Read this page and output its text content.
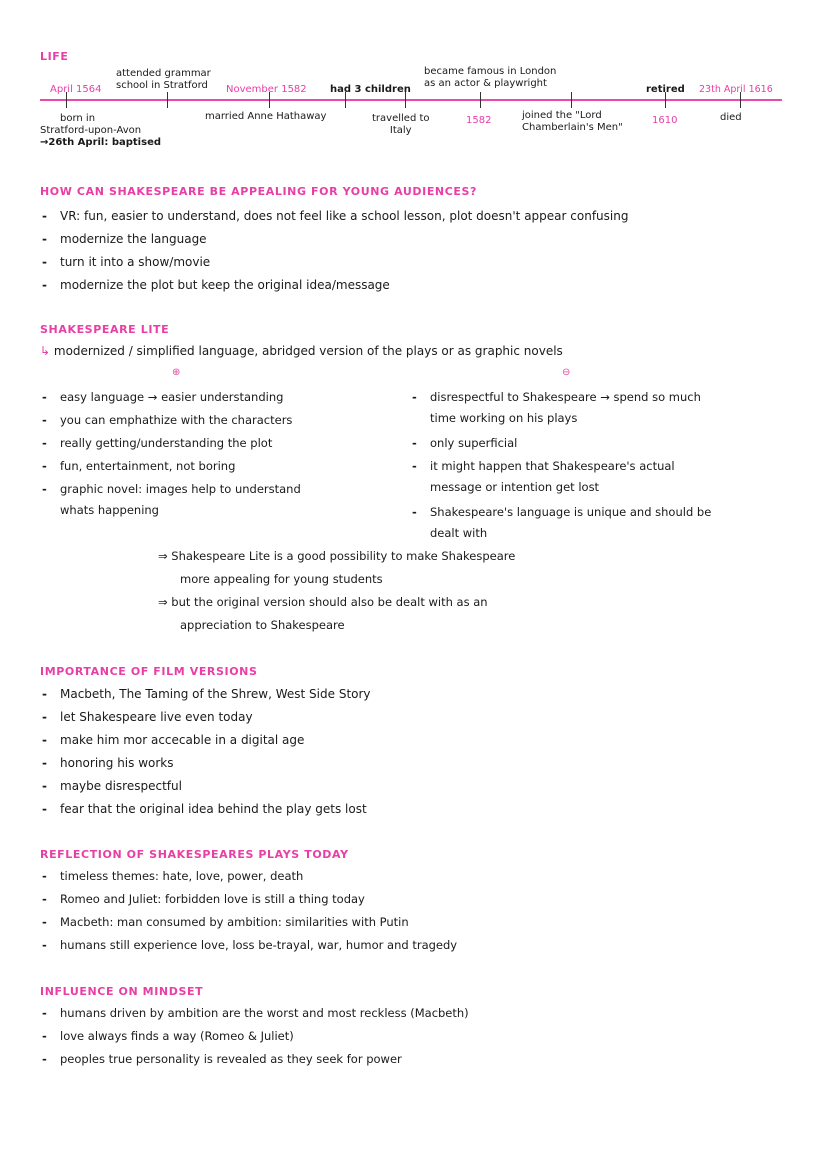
LIFE
April 1564
born in
Stratford-upon-Avon
→26th April: baptised
attended grammar
school in Stratford November 1582
married Anne Hathaway
had 3 children
travelled to
Italy
became famous in London
as an actor & playwright
1582	joined the "Lord
Chamberlain's Men"
retired
1610
23th April 1616
died
HOW CAN SHAKESPEARE BE APPEALING FOR YOUNG AUDIENCES?
- VR: fun, easier to understand, does not feel like a school lesson, plot doesn't appear confusing
- modernize the language
- turn it into a show/movie
- modernize the plot but keep the original idea/message
SHAKESPEARE LITE
↳ modernized / simplified language, abridged version of the plays or as graphic novels
⊕	⊖
- easy language → easier understanding
- you can emphathize with the characters
- really getting/understanding the plot
- fun, entertainment, not boring
- graphic novel: images help to understand
whats happening
- disrespectful to Shakespeare → spend so much
time working on his plays
- only superficial
- it might happen that Shakespeare's actual
message or intention get lost
- Shakespeare's language is unique and should be
dealt with
⇒ Shakespeare Lite is a good possibility to make Shakespeare
more appealing for young students
⇒ but the original version should also be dealt with as an
appreciation to Shakespeare
IMPORTANCE OF FILM VERSIONS
- Macbeth, The Taming of the Shrew, West Side Story
- let Shakespeare live even today
- make him mor accecable in a digital age
- honoring his works
- maybe disrespectful
- fear that the original idea behind the play gets lost
REFLECTION OF SHAKESPEARES PLAYS TODAY
- timeless themes: hate, love, power, death
- Romeo and Juliet: forbidden love is still a thing today
- Macbeth: man consumed by ambition: similarities with Putin
- humans still experience love, loss be-trayal, war, humor and tragedy
INFLUENCE ON MINDSET
- humans driven by ambition are the worst and most reckless (Macbeth)
- love always finds a way (Romeo & Juliet)
- peoples true personality is revealed as they seek for power
